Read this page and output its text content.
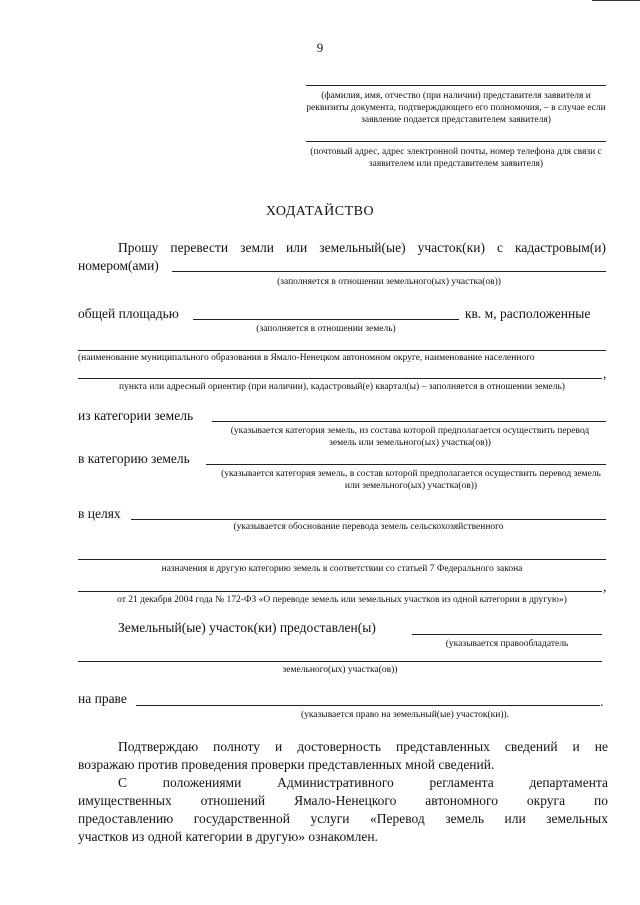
9
(фамилия, имя, отчество (при наличии) представителя заявителя и реквизиты документа, подтверждающего его полномочия, – в случае если заявление подается представителем заявителя)
(почтовый адрес, адрес электронной почты, номер телефона для связи с заявителем или представителем заявителя)
ХОДАТАЙСТВО
Прошу перевести земли или земельный(ые) участок(ки) с кадастровым(и)
номером(ами)
(заполняется в отношении земельного(ых) участка(ов))
общей площадью	кв. м, расположенные
(заполняется в отношении земель)
(наименование муниципального образования в Ямало-Ненецком автономном округе, наименование населенного
,
пункта или адресный ориентир (при наличии), кадастровый(е) квартал(ы) – заполняется в отношении земель)
из категории земель
(указывается категория земель, из состава которой предполагается осуществить перевод земель или земельного(ых) участка(ов))
в категорию земель
(указывается категория земель, в состав которой предполагается осуществить перевод земель или земельного(ых) участка(ов))
в целях
(указывается обоснование перевода земель сельскохозяйственного
назначения в другую категорию земель в соответствии со статьей 7 Федерального закона
,
от 21 декабря 2004 года № 172-ФЗ «О переводе земель или земельных участков из одной категории в другую»)
Земельный(ые) участок(ки) предоставлен(ы)
(указывается правообладатель
земельного(ых) участка(ов))
на праве	.
(указывается право на земельный(ые) участок(ки)).
Подтверждаю полноту и достоверность представленных сведений и не
возражаю против проведения проверки представленных мной сведений.
С положениями Административного регламента департамента
имущественных отношений Ямало-Ненецкого автономного округа по
предоставлению государственной услуги «Перевод земель или земельных
участков из одной категории в другую» ознакомлен.
